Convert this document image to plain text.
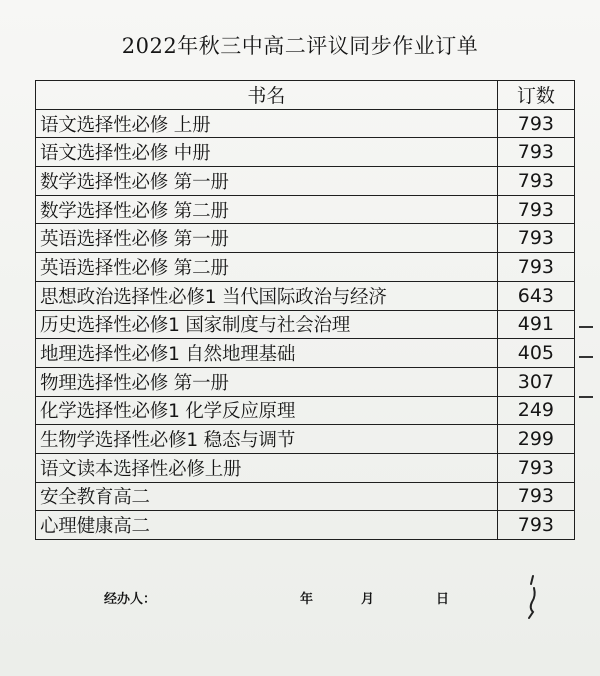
2022年秋三中高二评议同步作业订单
书名	订数
语文选择性必修 上册	793
语文选择性必修 中册	793
数学选择性必修 第一册	793
数学选择性必修 第二册	793
英语选择性必修 第一册	793
英语选择性必修 第二册	793
思想政治选择性必修1 当代国际政治与经济	643
历史选择性必修1 国家制度与社会治理	491
地理选择性必修1 自然地理基础	405
物理选择性必修 第一册	307
化学选择性必修1 化学反应原理	249
生物学选择性必修1 稳态与调节	299
语文读本选择性必修上册	793
安全教育高二	793
心理健康高二	793
经办人：	年	月	日
